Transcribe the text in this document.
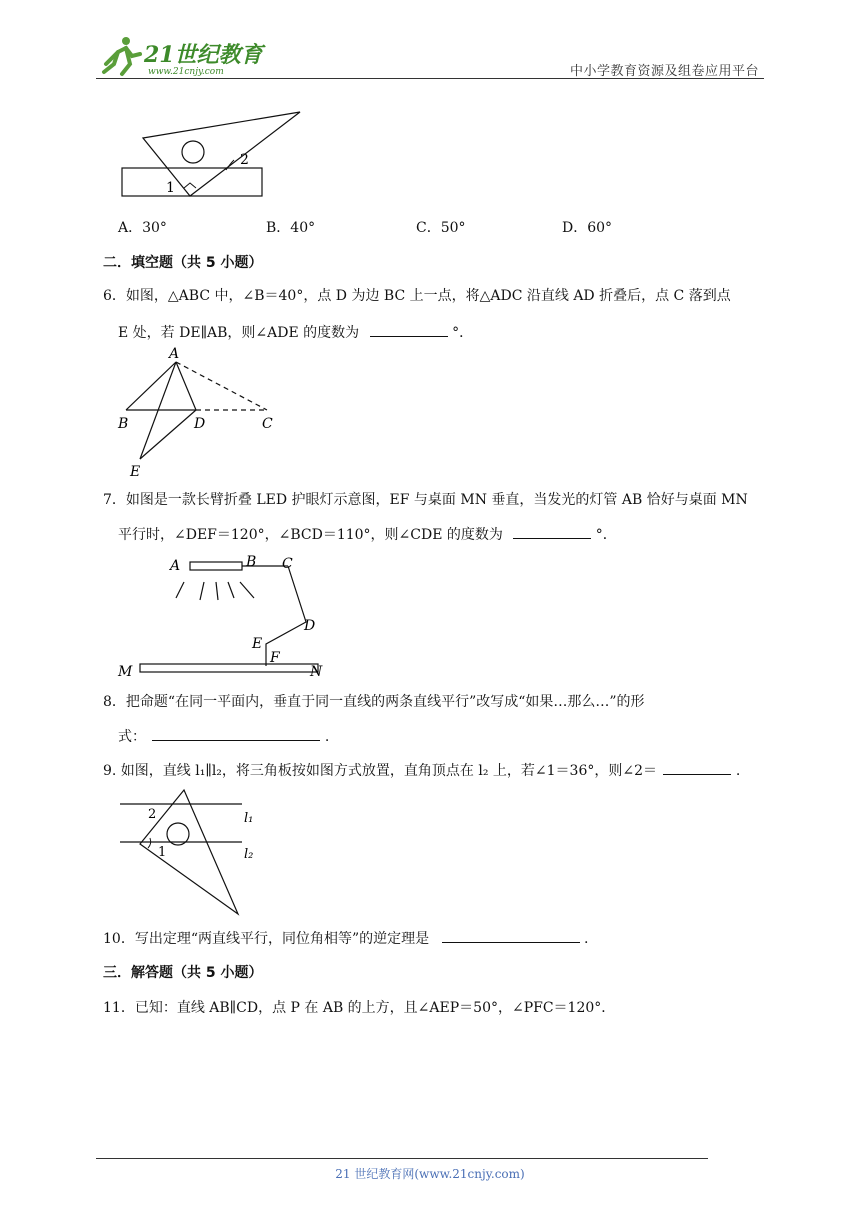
21世纪教育
www.21cnjy.com	中小学教育资源及组卷应用平台
2
1
A．30°	B．40°	C．50°	D．60°
二．填空题（共 5 小题）
6．如图，△ABC 中，∠B＝40°，点 D 为边 BC 上一点，将△ADC 沿直线 AD 折叠后，点 C 落到点
E 处，若 DE∥AB，则∠ADE 的度数为	°．
A
B	C
D
E
7．如图是一款长臂折叠 LED 护眼灯示意图，EF 与桌面 MN 垂直，当发光的灯管 AB 恰好与桌面 MN
平行时，∠DEF＝120°，∠BCD＝110°，则∠CDE 的度数为	°．
A	B C
D
E
F
M	N
8．把命题“在同一平面内，垂直于同一直线的两条直线平行”改写成“如果…那么…”的形
式：	.
9. 如图，直线 l₁∥l₂，将三角板按如图方式放置，直角顶点在 l₂ 上，若∠1＝36°，则∠2＝	.
l₁
l₂
1
2
10．写出定理“两直线平行，同位角相等”的逆定理是	.
三．解答题（共 5 小题）
11．已知：直线 AB∥CD，点 P 在 AB 的上方，且∠AEP＝50°，∠PFC＝120°．
21 世纪教育网(www.21cnjy.com)
